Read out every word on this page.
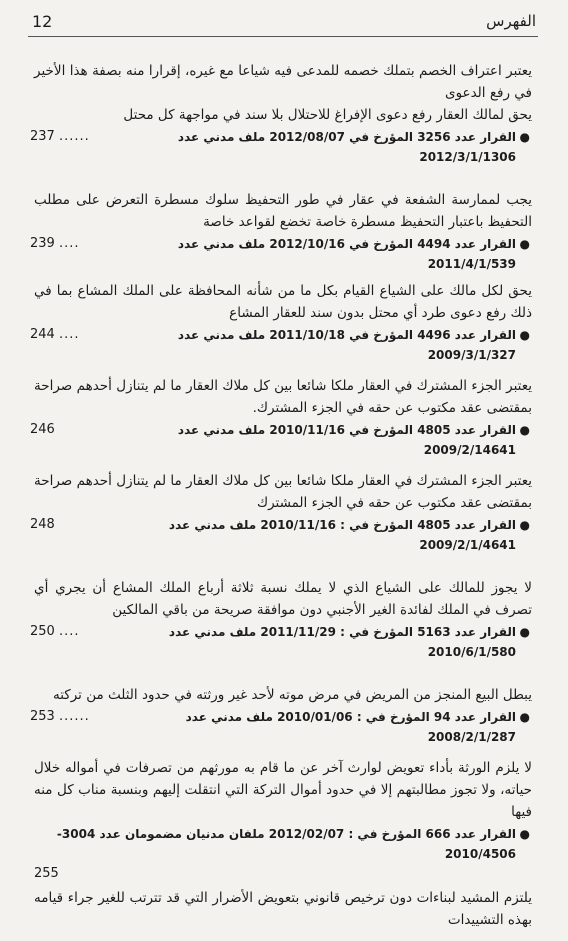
12	الفهرس

يعتبر اعتراف الخصم بتملك خصمه للمدعى فيه شياعا مع غيره، إقرارا منه بصفة هذا الأخير في رفع الدعوى

يحق لمالك العقار رفع دعوى الإفراغ للاحتلال بلا سند في مواجهة كل محتل

●
القرار عدد 3256 المؤرخ في 2012/08/07 ملف مدني عدد 2012/3/1/1306
237 ......

يجب لممارسة الشفعة في عقار في طور التحفيظ سلوك مسطرة التعرض على مطلب التحفيظ باعتبار التحفيظ مسطرة خاصة تخضع لقواعد خاصة

●
القرار عدد 4494 المؤرخ في 2012/10/16 ملف مدني عدد 2011/4/1/539
239 ....

يحق لكل مالك على الشياع القيام بكل ما من شأنه المحافظة على الملك المشاع بما في ذلك رفع دعوى طرد أي محتل بدون سند للعقار المشاع

●
القرار عدد 4496 المؤرخ في 2011/10/18 ملف مدني عدد 2009/3/1/327
244 ....

يعتبر الجزء المشترك في العقار ملكا شائعا بين كل ملاك العقار ما لم يتنازل أحدهم صراحة بمقتضى عقد مكتوب عن حقه في الجزء المشترك.

●
القرار عدد 4805 المؤرخ في 2010/11/16 ملف مدني عدد 2009/2/14641
246

يعتبر الجزء المشترك في العقار ملكا شائعا بين كل ملاك العقار ما لم يتنازل أحدهم صراحة بمقتضى عقد مكتوب عن حقه في الجزء المشترك

●
القرار عدد 4805 المؤرخ في : 2010/11/16 ملف مدني عدد 2009/2/1/4641
248

لا يجوز للمالك على الشياع الذي لا يملك نسبة ثلاثة أرباع الملك المشاع أن يجري أي تصرف في الملك لفائدة الغير الأجنبي دون موافقة صريحة من باقي المالكين

●
القرار عدد 5163 المؤرخ في : 2011/11/29 ملف مدني عدد 2010/6/1/580
250 ....

يبطل البيع المنجز من المريض في مرض موته لأحد غير ورثته في حدود الثلث من تركته

●
القرار عدد 94 المؤرخ في : 2010/01/06 ملف مدني عدد 2008/2/1/287
253 ......

لا يلزم الورثة بأداء تعويض لوارث آخر عن ما قام به مورثهم من تصرفات في أمواله خلال حياته، ولا تجوز مطالبتهم إلا في حدود أموال التركة التي انتقلت إليهم وبنسبة مناب كل منه فيها

●
القرار عدد 666 المؤرخ في : 2012/02/07 ملفان مدنيان مضمومان عدد 3004-2010/4506
255

يلتزم المشيد لبناءات دون ترخيص قانوني بتعويض الأضرار التي قد تترتب للغير جراء قيامه بهذه التشييدات
